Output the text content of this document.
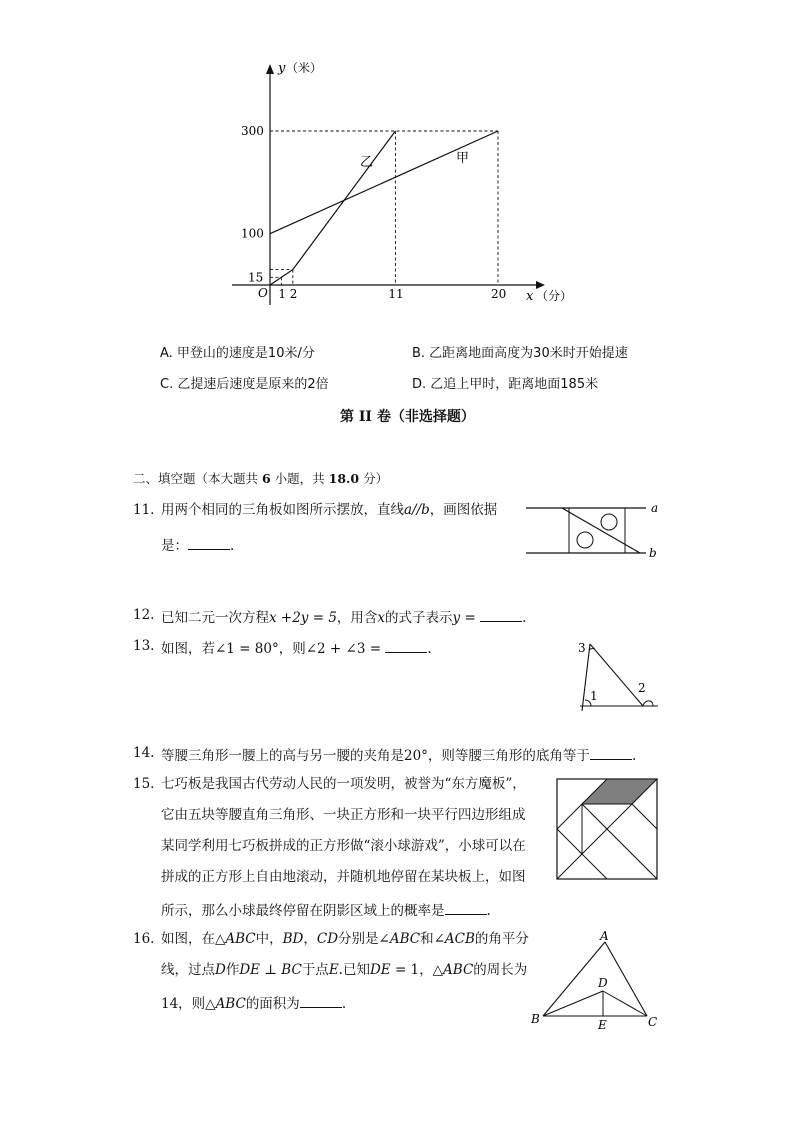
x （分）
y （米）
O
甲
乙
1 2	11	20
15
100
300
A. 甲登山的速度是10米/分	B. 乙距离地面高度为30米时开始提速
C. 乙提速后速度是原来的2倍	D. 乙追上甲时，距离地面185米
第 II 卷（非选择题）
二、填空题（本大题共 6 小题，共 18.0 分）
11. 用两个相同的三角板如图所示摆放，直线a//b，画图依据
是：	.
a
b
12. 已知二元一次方程x +2y = 5，用含x的式子表示y =	.
13. 如图，若∠1 = 80°，则∠2 + ∠3 =	.	3
1
2
14. 等腰三角形一腰上的高与另一腰的夹角是20°，则等腰三角形的底角等于	.
15. 七巧板是我国古代劳动人民的一项发明，被誉为“东方魔板”，
它由五块等腰直角三角形、一块正方形和一块平行四边形组成
某同学利用七巧板拼成的正方形做“滚小球游戏”，小球可以在
拼成的正方形上自由地滚动，并随机地停留在某块板上，如图
所示，那么小球最终停留在阴影区域上的概率是	.
16. 如图，在△ABC中，BD，CD分别是∠ABC和∠ACB的角平分
线，过点D作DE ⊥ BC于点E.已知DE = 1，△ABC的周长为
14，则△ABC的面积为	.
A
B	C
D
E
